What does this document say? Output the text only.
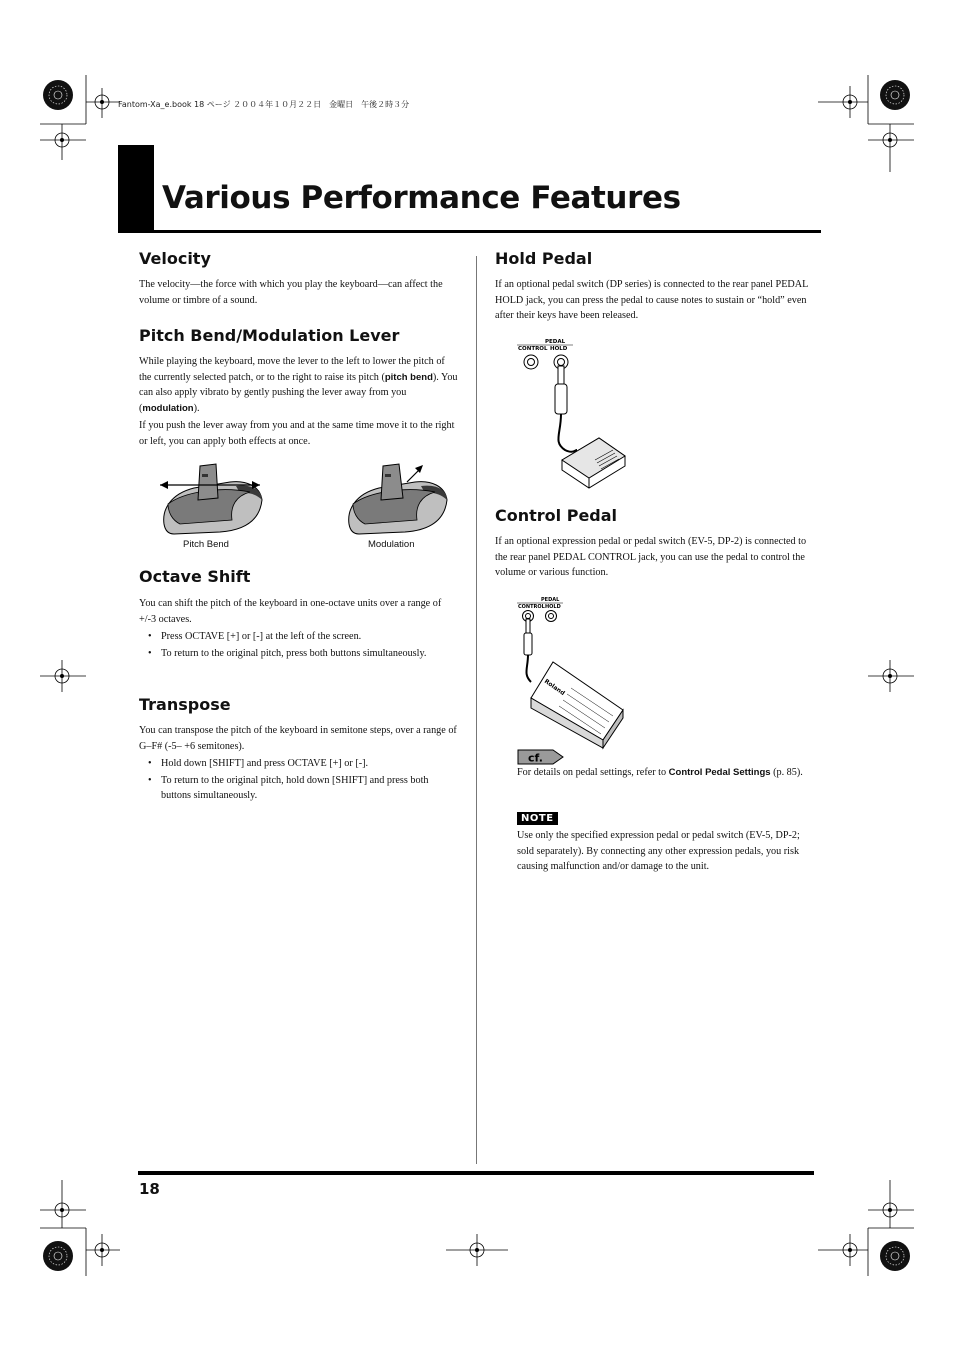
Fantom-Xa_e.book 18 ページ ２００４年１０月２２日　金曜日　午後２時３分
Various Performance Features
Velocity
The velocity—the force with which you play the keyboard—can affect the volume or timbre of a sound.
Pitch Bend/Modulation Lever
While playing the keyboard, move the lever to the left to lower the pitch of the currently selected patch, or to the right to raise its pitch (pitch bend). You can also apply vibrato by gently pushing the lever away from you (modulation).
If you push the lever away from you and at the same time move it to the right or left, you can apply both effects at once.
Pitch Bend	Modulation
Octave Shift
You can shift the pitch of the keyboard in one-octave units over a range of +/-3 octaves.
• Press OCTAVE [+] or [-] at the left of the screen.
• To return to the original pitch, press both buttons simultaneously.
Transpose
You can transpose the pitch of the keyboard in semitone steps, over a range of G–F# (-5– +6 semitones).
• Hold down [SHIFT] and press OCTAVE [+] or [-].
• To return to the original pitch, hold down [SHIFT] and press both buttons simultaneously.
Hold Pedal
If an optional pedal switch (DP series) is connected to the rear panel PEDAL HOLD jack, you can press the pedal to cause notes to sustain or “hold” even after their keys have been released.
PEDAL
CONTROL HOLD
Control Pedal
If an optional expression pedal or pedal switch (EV-5, DP-2) is connected to the rear panel PEDAL CONTROL jack, you can use the pedal to control the volume or various function.
PEDAL
CONTROL HOLD
Roland
cf.
For details on pedal settings, refer to Control Pedal Settings (p. 85).
NOTE
Use only the specified expression pedal or pedal switch (EV-5, DP-2; sold separately). By connecting any other expression pedals, you risk causing malfunction and/or damage to the unit.
18
